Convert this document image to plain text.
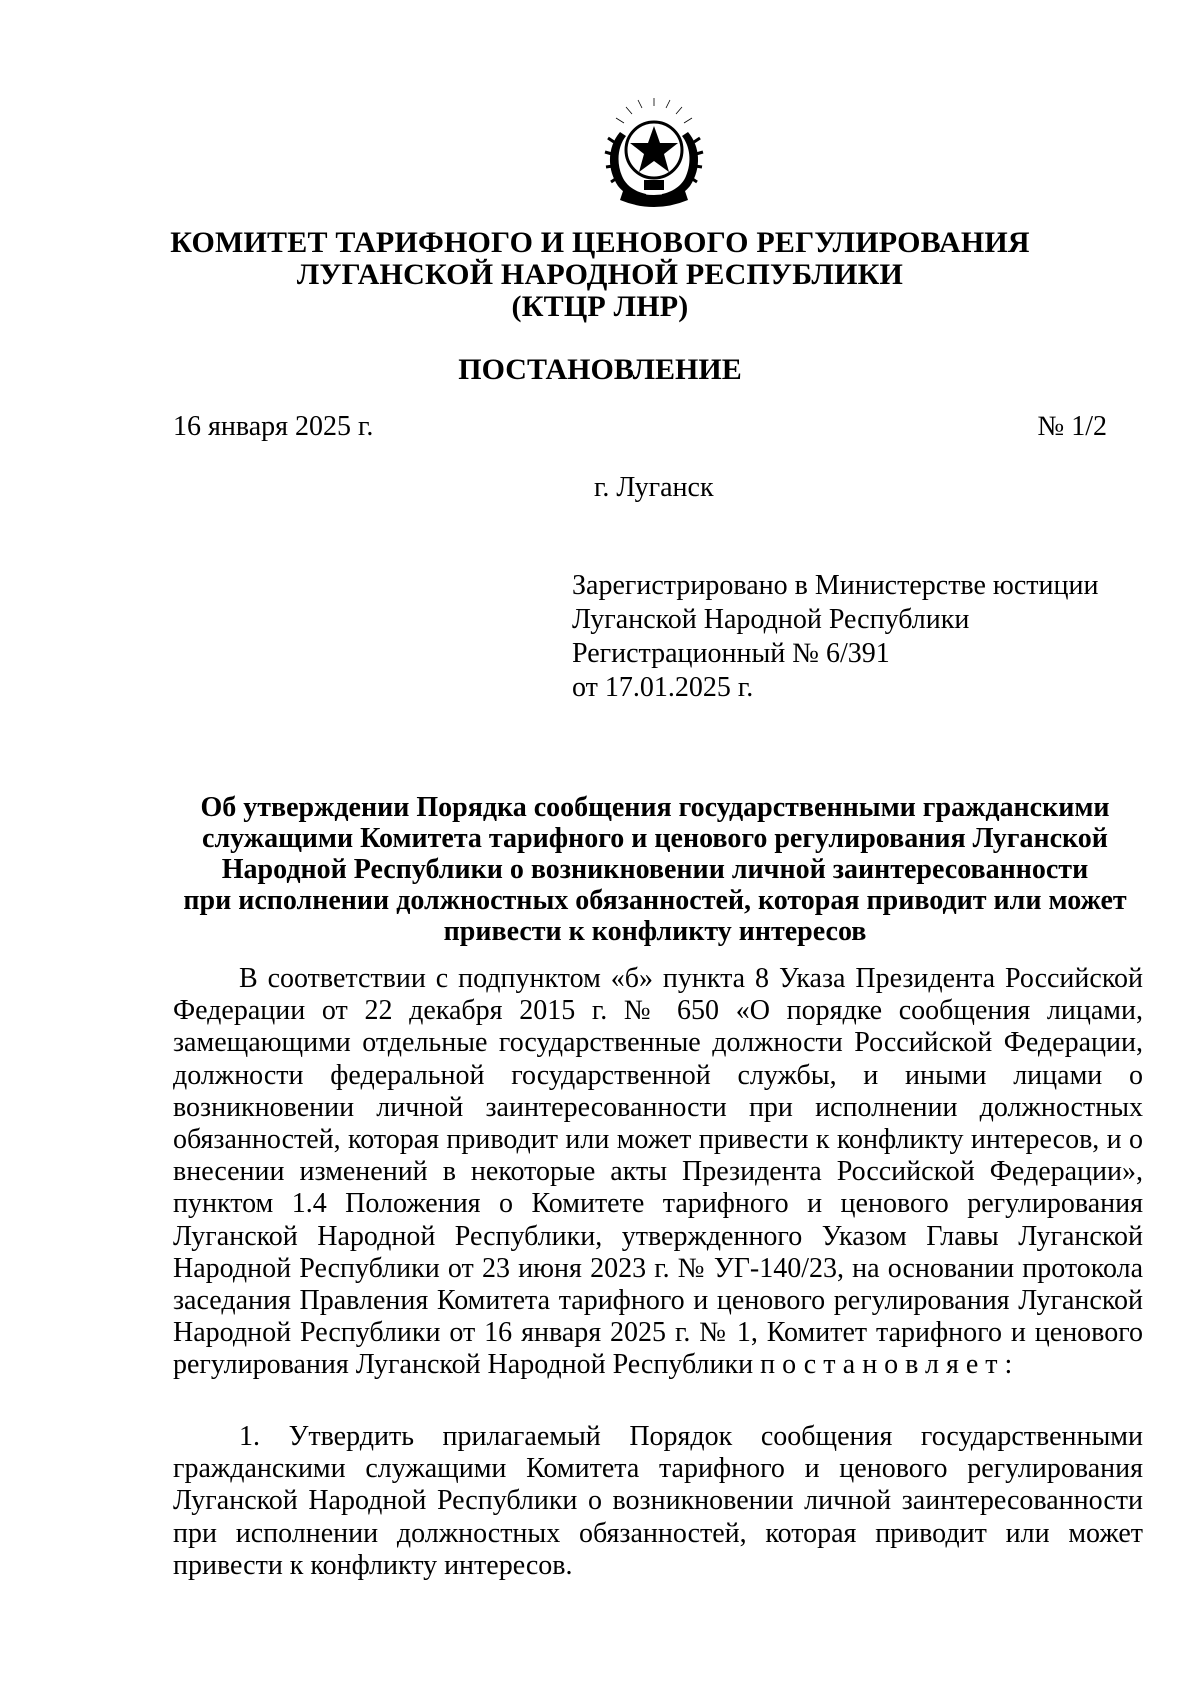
КОМИТЕТ ТАРИФНОГО И ЦЕНОВОГО РЕГУЛИРОВАНИЯ
ЛУГАНСКОЙ НАРОДНОЙ РЕСПУБЛИКИ
(КТЦР ЛНР)
ПОСТАНОВЛЕНИЕ
16 января 2025 г.	№ 1/2
г. Луганск
Зарегистрировано в Министерстве юстиции
Луганской Народной Республики
Регистрационный № 6/391
от 17.01.2025 г.
Об утверждении Порядка сообщения государственными гражданскими
служащими Комитета тарифного и ценового регулирования Луганской
Народной Республики о возникновении личной заинтересованности
при исполнении должностных обязанностей, которая приводит или может
привести к конфликту интересов

В соответствии с подпунктом «б» пункта 8 Указа Президента Российской Федерации от 22 декабря 2015 г. № 650 «О порядке сообщения лицами, замещающими отдельные государственные должности Российской Федерации, должности федеральной государственной службы, и иными лицами о возникновении личной заинтересованности при исполнении должностных обязанностей, которая приводит или может привести к конфликту интересов, и о внесении изменений в некоторые акты Президента Российской Федерации», пунктом 1.4 Положения о Комитете тарифного и ценового регулирования Луганской Народной Республики, утвержденного Указом Главы Луганской Народной Республики от 23 июня 2023 г. № УГ-140/23, на основании протокола заседания Правления Комитета тарифного и ценового регулирования Луганской Народной Республики от 16 января 2025 г. № 1, Комитет тарифного и ценового регулирования Луганской Народной Республики постановляет:

1. Утвердить прилагаемый Порядок сообщения государственными гражданскими служащими Комитета тарифного и ценового регулирования Луганской Народной Республики о возникновении личной заинтересованности при исполнении должностных обязанностей, которая приводит или может привести к конфликту интересов.
